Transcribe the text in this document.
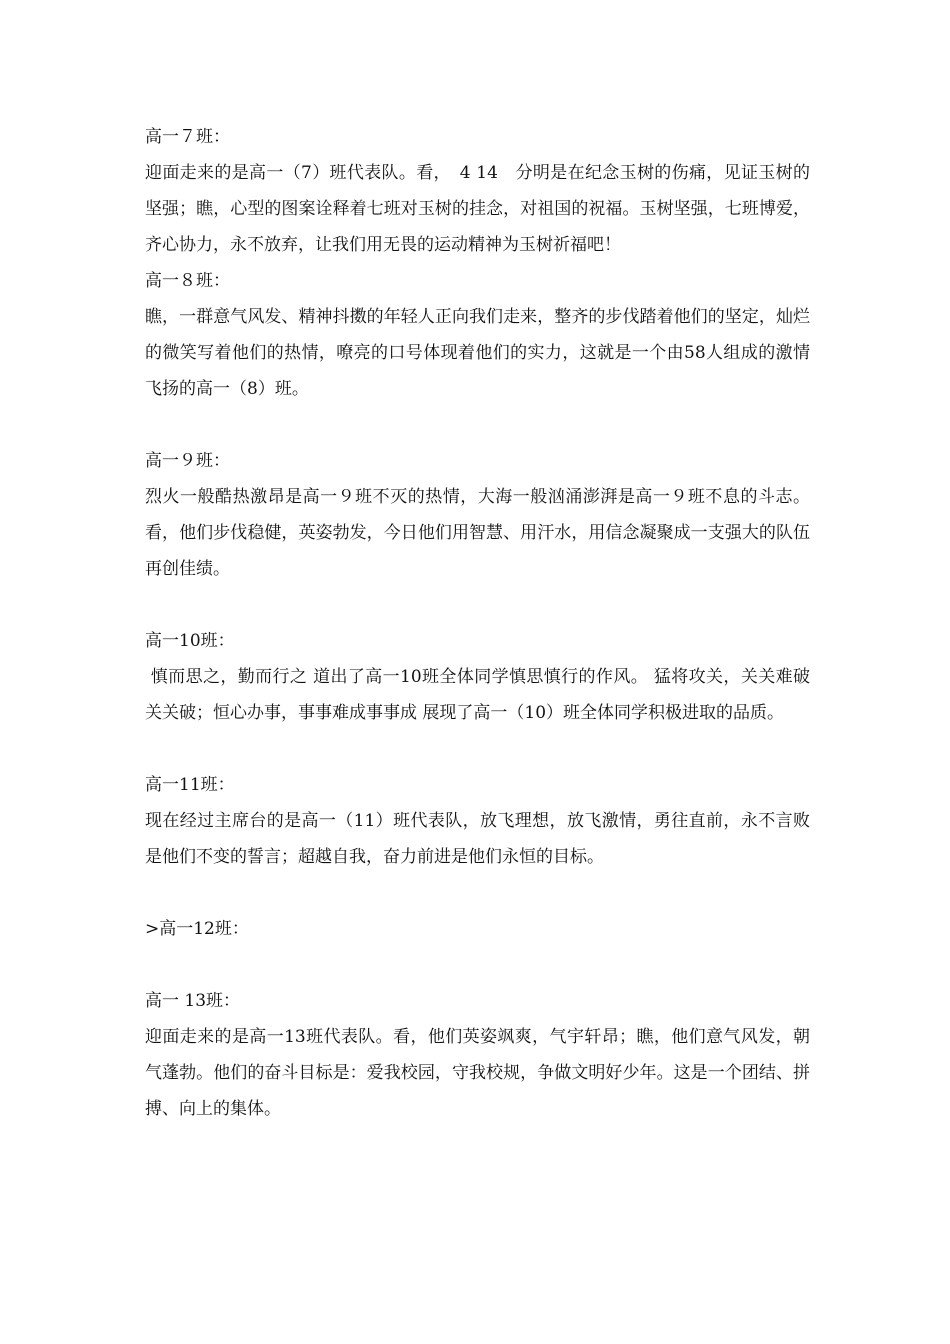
高一７班：

迎面走来的是高一（7）班代表队。看，　4 14　分明是在纪念玉树的伤痛，见证玉树的坚强；瞧，心型的图案诠释着七班对玉树的挂念，对祖国的祝福。玉树坚强，七班博爱，齐心协力，永不放弃，让我们用无畏的运动精神为玉树祈福吧！

高一８班：

瞧，一群意气风发、精神抖擞的年轻人正向我们走来，整齐的步伐踏着他们的坚定，灿烂的微笑写着他们的热情，嘹亮的口号体现着他们的实力，这就是一个由58人组成的激情飞扬的高一（8）班。

高一９班：

烈火一般酷热激昂是高一９班不灭的热情，大海一般汹涌澎湃是高一９班不息的斗志。看，他们步伐稳健，英姿勃发，今日他们用智慧、用汗水，用信念凝聚成一支强大的队伍再创佳绩。

高一10班：

慎而思之，勤而行之 道出了高一10班全体同学慎思慎行的作风。 猛将攻关，关关难破关关破；恒心办事，事事难成事事成 展现了高一（10）班全体同学积极进取的品质。

高一11班：

现在经过主席台的是高一（11）班代表队，放飞理想，放飞激情，勇往直前，永不言败是他们不变的誓言；超越自我，奋力前进是他们永恒的目标。

>高一12班：

高一 13班：

迎面走来的是高一13班代表队。看，他们英姿飒爽，气宇轩昂；瞧，他们意气风发，朝气蓬勃。他们的奋斗目标是：爱我校园，守我校规，争做文明好少年。这是一个团结、拼搏、向上的集体。
